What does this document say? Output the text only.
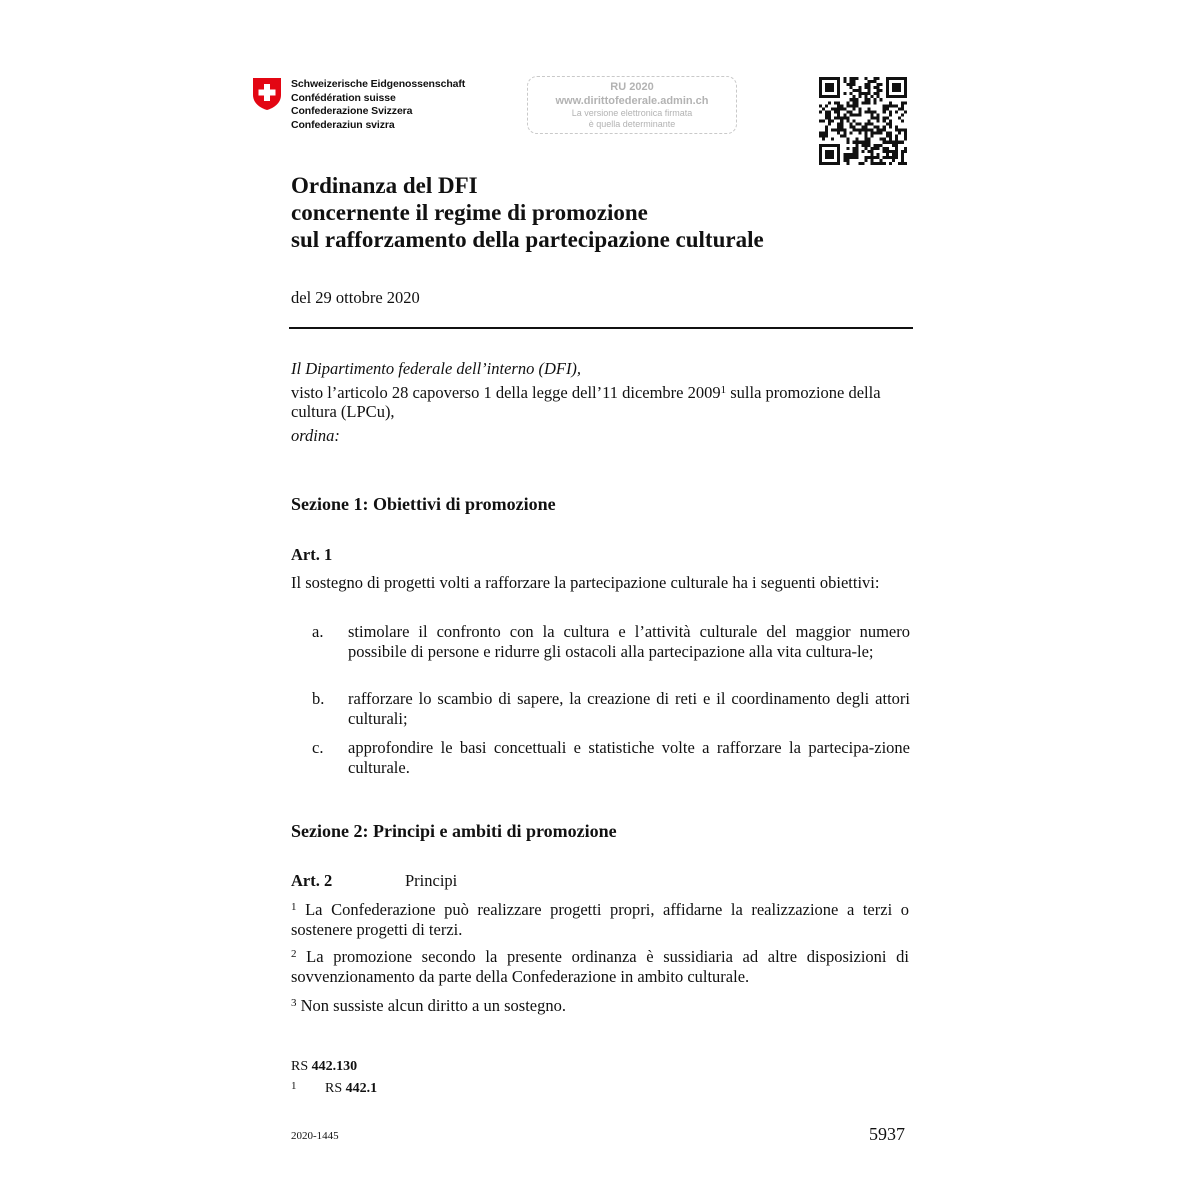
Schweizerische Eidgenossenschaft
Confédération suisse
Confederazione Svizzera
Confederaziun svizra
RU 2020
www.dirittofederale.admin.ch
La versione elettronica firmata
è quella determinante
Ordinanza del DFI
concernente il regime di promozione
sul rafforzamento della partecipazione culturale
del 29 ottobre 2020

Il Dipartimento federale dell’interno (DFI),

visto l’articolo 28 capoverso 1 della legge dell’11 dicembre 2009$^1$ sulla promozione della cultura (LPCu),

ordina:

Sezione 1: Obiettivi di promozione
Art. 1
Il sostegno di progetti volti a rafforzare la partecipazione culturale ha i seguenti obiettivi:
a. stimolare il confronto con la cultura e l’attività culturale del maggior numero possibile di persone e ridurre gli ostacoli alla partecipazione alla vita cultura-le;
b. rafforzare lo scambio di sapere, la creazione di reti e il coordinamento degli attori culturali;
c. approfondire le basi concettuali e statistiche volte a rafforzare la partecipa-zione culturale.
Sezione 2: Principi e ambiti di promozione
Art. 2	Principi
$^1$ La Confederazione può realizzare progetti propri, affidarne la realizzazione a terzi o sostenere progetti di terzi.
$^2$ La promozione secondo la presente ordinanza è sussidiaria ad altre disposizioni di sovvenzionamento da parte della Confederazione in ambito culturale.
$^3$ Non sussiste alcun diritto a un sostegno.
RS 442.130
1 RS 442.1
2020-1445	5937
